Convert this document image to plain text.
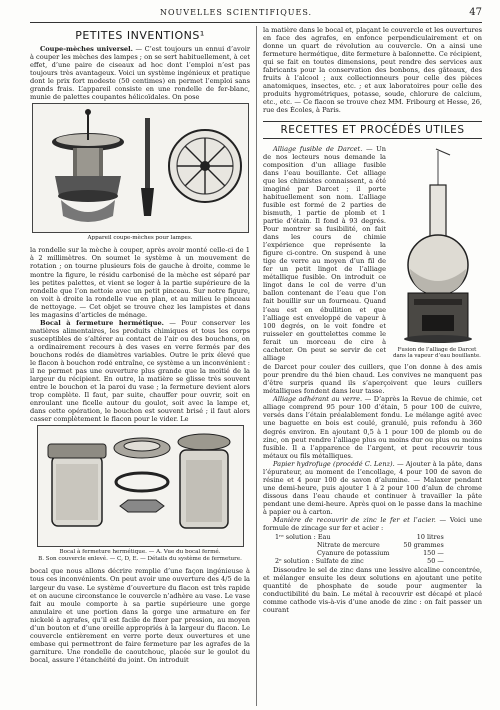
NOUVELLES SCIENTIFIQUES.	47
PETITES INVENTIONS¹

Coupe-mèches universel. — C’est toujours un ennui d’avoir à couper les mèches des lampes ; on se sert habituellement, à cet effet, d’une paire de ciseaux ad hoc dont l’emploi n’est pas toujours très avantageux. Voici un système ingénieux et pratique dont le prix fort modeste (50 centimes) en permet l’emploi sans grands frais. L’appareil consiste en une rondelle de fer-blanc, munie de palettes coupantes hélicoïdales. On pose

Appareil coupe-mèches pour lampes.

la rondelle sur la mèche à couper, après avoir monté celle-ci de 1 à 2 millimètres. On soumet le système à un mouvement de rotation ; on tourne plusieurs fois de gauche à droite, comme le montre la figure, le résidu carbonisé de la mèche est séparé par les petites palettes, et vient se loger à la partie supérieure de la rondelle que l’on nettoie avec un petit pinceau. Sur notre figure, on voit à droite la rondelle vue en plan, et au milieu le pinceau de nettoyage. — Cet objet se trouve chez les lampistes et dans les magasins d’articles de ménage.

Bocal à fermeture hermétique. — Pour conserver les matières alimentaires, les produits chimiques et tous les corps susceptibles de s’altérer au contact de l’air ou des bouchons, on a ordinairement recours à des vases en verre fermés par des bouchons rodés de diamètres variables. Outre le prix élevé que le flacon à bouchon rodé entraîne, ce système a un inconvénient : il ne permet pas une ouverture plus grande que la moitié de la largeur du récipient. En outre, la matière se glisse très souvent entre le bouchon et la paroi du vase ; la fermeture devient alors trop complète. Il faut, par suite, chauffer pour ouvrir, soit en enroulant une ficelle autour du goulot, soit avec la lampe et, dans cette opération, le bouchon est souvent brisé ; il faut alors casser complètement le flacon pour le vider. Le

Bocal à fermeture hermétique. — A. Vue du bocal fermé.
B. Son couvercle enlevé. — C, D, E. — Détails du système de fermeture.

bocal que nous allons décrire remplie d’une façon ingénieuse à tous ces inconvénients. On peut avoir une ouverture des 4/5 de la largeur du vase. Le système d’ouverture du flacon est très rapide et on aucune circonstance le couvercle n’adhère au vase. Le vase fait au moule comporte à sa partie supérieure une gorge annulaire et une portion dans la gorge une armature en fer nickelé à agrafes, qu’il est facile de fixer par pression, au moyen d’un bouton et d’une oreille appropriés à la largeur du flacon. Le couvercle entièrement en verre porte deux ouvertures et une embase qui permettront de faire fermeture par les agrafes de la garniture. Une rondelle de caoutchouc, placée sur le goulot du bocal, assure l’étanchéité du joint. On introduit

la matière dans le bocal et, plaçant le couvercle et les ouvertures en face des agrafes, en enfonce perpendiculairement et on donne un quart de révolution au couvercle. On a ainsi une fermeture hermétique, dite fermeture à baïonnette. Ce récipient, qui se fait en toutes dimensions, peut rendre des services aux fabricants pour la conservation des bonbons, des gâteaux, des fruits à l’alcool ; aux collectionneurs pour celle des pièces anatomiques, insectes, etc. ; et aux laboratoires pour celle des produits hygrométriques, potasse, soude, chlorure de calcium, etc., etc. — Ce flacon se trouve chez MM. Fribourg et Hesse, 26, rue des Écoles, à Paris.

RECETTES ET PROCÉDÉS UTILES
Fusion de l’alliage de Darcet dans la vapeur d’eau bouillante.

Alliage fusible de Darcet. — Un de nos lecteurs nous demande la composition d’un alliage fusible dans l’eau bouillante. Cet alliage que les chimistes connaissent, a été imaginé par Darcet ; il porte habituellement son nom. L’alliage fusible est formé de 2 parties de bismuth, 1 partie de plomb et 1 partie d’étain. Il fond à 93 degrés. Pour montrer sa fusibilité, on fait dans les cours de chimie l’expérience que représente la figure ci-contre. On suspend à une tige de verre au moyen d’un fil de fer un petit lingot de l’alliage métallique fusible. On introduit ce lingot dans le col de verre d’un ballon contenant de l’eau que l’on fait bouillir sur un fourneau. Quand l’eau est en ébullition et que l’alliage est enveloppé de vapeur à 100 degrés, on le voit fondre et ruisseler en gouttelettes comme le ferait un morceau de cire à cacheter. On peut se servir de cet alliage

de Darcet pour couler des cuillers, que l’on donne à des amis pour prendre du thé bien chaud. Les convives ne manquent pas d’être surpris quand ils s’aperçoivent que leurs cuillers métalliques fondent dans leur tasse.

Alliage adhérant au verre. — D’après la Revue de chimie, cet alliage comprend 95 pour 100 d’étain, 5 pour 100 de cuivre, versés dans l’étain préalablement fondu. Le mélange agité avec une baguette en bois est coulé, granulé, puis refondu à 360 degrés environ. En ajoutant 0,5 à 1 pour 100 de plomb ou de zinc, on peut rendre l’alliage plus ou moins dur ou plus ou moins fusible. Il a l’apparence de l’argent, et peut recouvrir tous métaux ou fils métalliques.

Papier hydrofuge (procédé C. Lenz). — Ajouter à la pâte, dans l’épurateur, au moment de l’encollage, 4 pour 100 de savon de résine et 4 pour 100 de savon d’alumine. — Malaxer pendant une demi-heure, puis ajouter 1 à 2 pour 100 d’alun de chrome dissous dans l’eau chaude et continuer à travailler la pâte pendant une demi-heure. Après quoi on le passe dans la machine à papier ou à carton.

Manière de recouvrir de zinc le fer et l’acier. — Voici une formule de zincage sur fer et acier :

1ʳᵉ solution : Eau	10 litres
Nitrate de mercure	50 grammes
Cyanure de potassium	150 —
2ᵉ solution : Sulfate de zinc	50 —

Dissoudre le sel de zinc dans une lessive alcaline concentrée, et mélanger ensuite les deux solutions en ajoutant une petite quantité de phosphate de soude pour augmenter la conductibilité du bain. Le métal à recouvrir est décapé et placé comme cathode vis-à-vis d’une anode de zinc : on fait passer un courant
